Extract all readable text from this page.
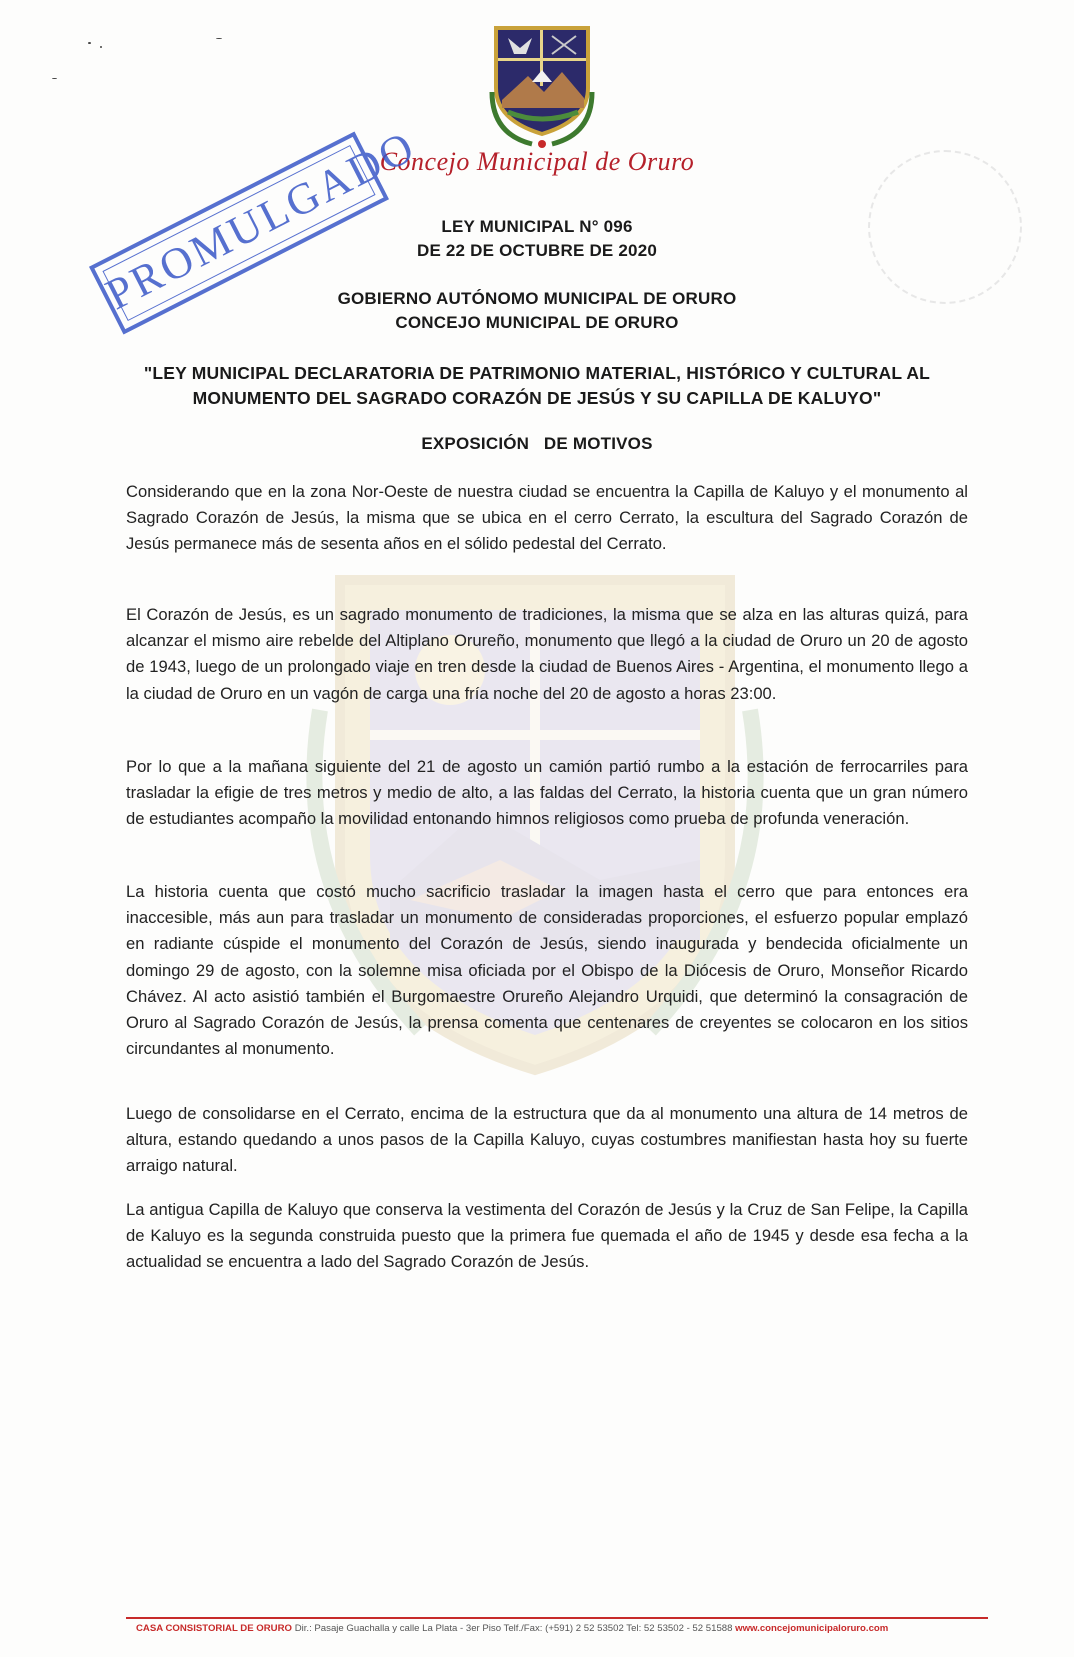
Concejo Municipal de Oruro
PROMULGADO	LEY MUNICIPAL N° 096
DE 22 DE OCTUBRE DE 2020
GOBIERNO AUTÓNOMO MUNICIPAL DE ORURO
CONCEJO MUNICIPAL DE ORURO
"LEY MUNICIPAL DECLARATORIA DE PATRIMONIO MATERIAL, HISTÓRICO Y CULTURAL AL
MONUMENTO DEL SAGRADO CORAZÓN DE JESÚS Y SU CAPILLA DE KALUYO"
EXPOSICIÓN   DE MOTIVOS
Considerando que en la zona Nor-Oeste de nuestra ciudad se encuentra la Capilla de Kaluyo y el monumento al Sagrado Corazón de Jesús, la misma que se ubica en el cerro Cerrato, la escultura del Sagrado Corazón de Jesús permanece más de sesenta años en el sólido pedestal del Cerrato.
El Corazón de Jesús, es un sagrado monumento de tradiciones, la misma que se alza en las alturas quizá, para alcanzar el mismo aire rebelde del Altiplano Orureño, monumento que llegó a la ciudad de Oruro un 20 de agosto de 1943, luego de un prolongado viaje en tren desde la ciudad de Buenos Aires - Argentina, el monumento llego a la ciudad de Oruro en un vagón de carga una fría noche del 20 de agosto a horas 23:00.
Por lo que a la mañana siguiente del 21 de agosto un camión partió rumbo a la estación de ferrocarriles para trasladar la efigie de tres metros y medio de alto, a las faldas del Cerrato, la historia cuenta que un gran número de estudiantes acompaño la movilidad entonando himnos religiosos como prueba de profunda veneración.
La historia cuenta que costó mucho sacrificio trasladar la imagen hasta el cerro que para entonces era inaccesible, más aun para trasladar un monumento de consideradas proporciones, el esfuerzo popular emplazó en radiante cúspide el monumento del Corazón de Jesús, siendo inaugurada y bendecida oficialmente un domingo 29 de agosto, con la solemne misa oficiada por el Obispo de la Diócesis de Oruro, Monseñor Ricardo Chávez. Al acto asistió también el Burgomaestre Orureño Alejandro Urquidi, que determinó la consagración de Oruro al Sagrado Corazón de Jesús, la prensa comenta que centenares de creyentes se colocaron en los sitios circundantes al monumento.
Luego de consolidarse en el Cerrato, encima de la estructura que da al monumento una altura de 14 metros de altura, estando quedando a unos pasos de la Capilla Kaluyo, cuyas costumbres manifiestan hasta hoy su fuerte arraigo natural.
La antigua Capilla de Kaluyo que conserva la vestimenta del Corazón de Jesús y la Cruz de San Felipe, la Capilla de Kaluyo es la segunda construida puesto que la primera fue quemada el año de 1945 y desde esa fecha a la actualidad se encuentra a lado del Sagrado Corazón de Jesús.
CASA CONSISTORIAL DE ORURO Dir.: Pasaje Guachalla y calle La Plata - 3er Piso Telf./Fax: (+591) 2 52 53502 Tel: 52 53502 - 52 51588 www.concejomunicipaloruro.com
